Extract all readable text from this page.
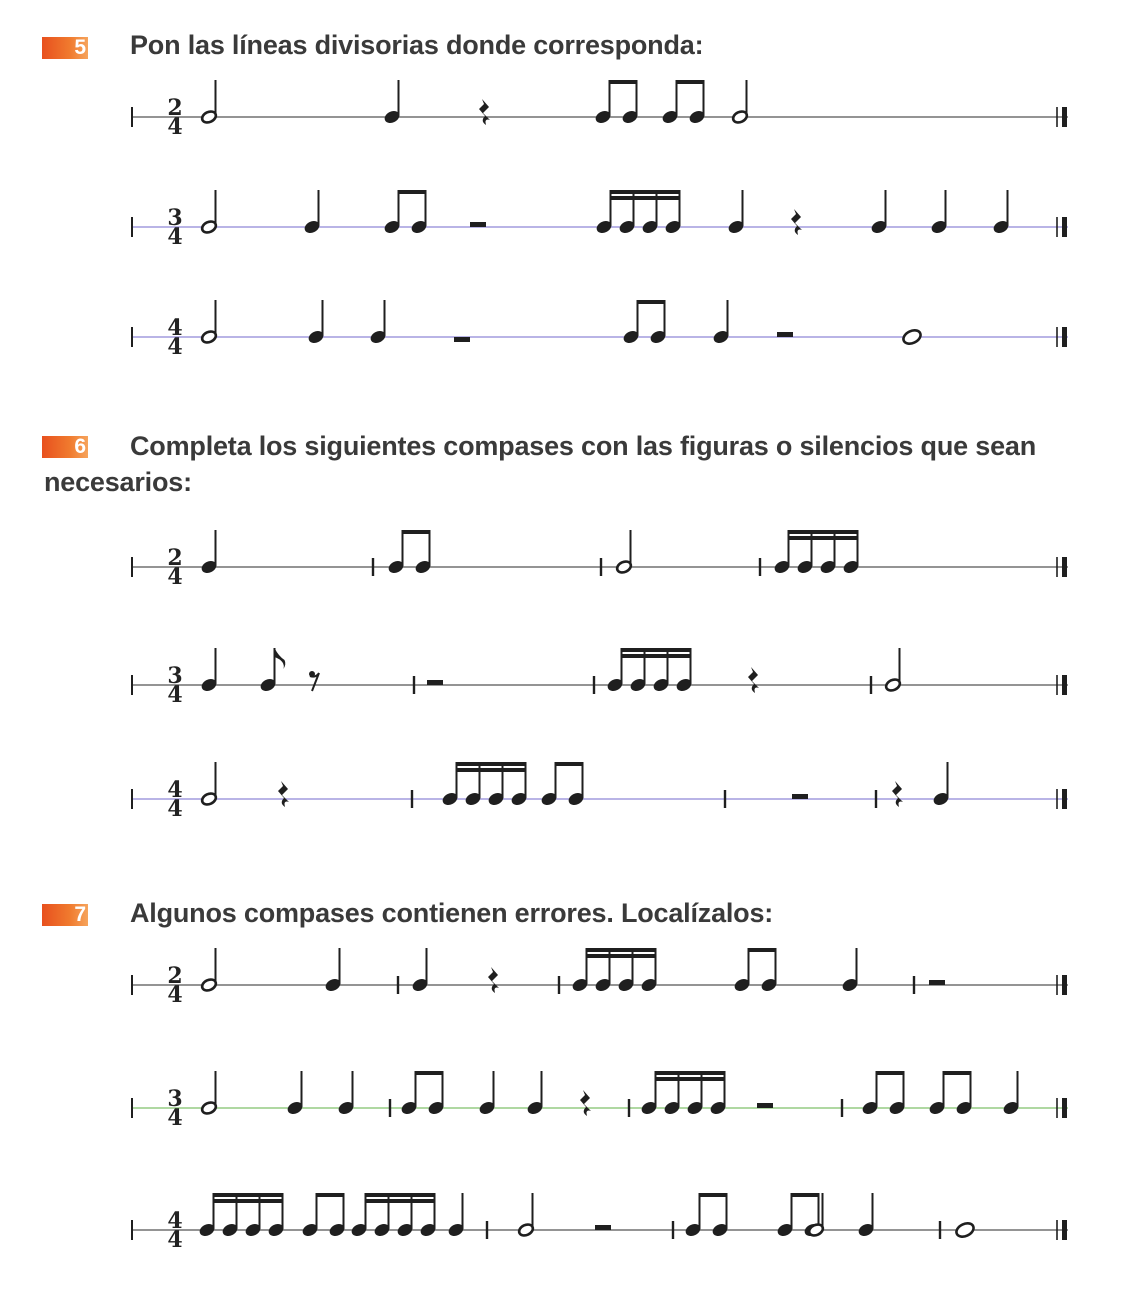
5 Pon las líneas divisorias donde corresponda:
2
4
3
4
4
4
6	Completa los siguientes compases con las figuras o silencios que sean necesarios:
2
4
3
4
4
4
7 Algunos compases contienen errores. Localízalos:
2
4
3
4
4
4
